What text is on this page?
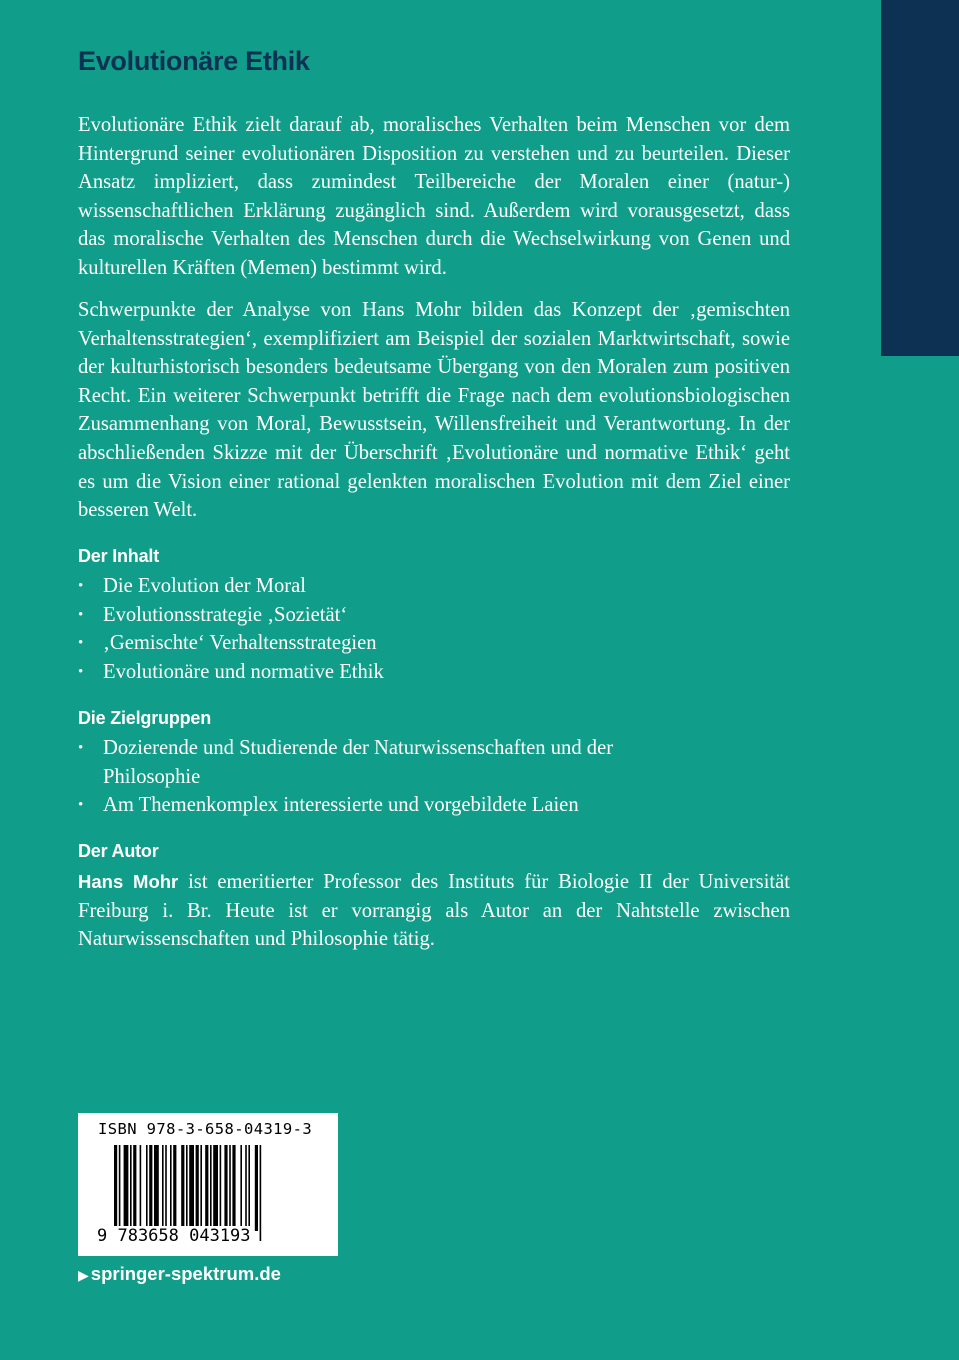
Evolutionäre Ethik

Evolutionäre Ethik zielt darauf ab, moralisches Verhalten beim Menschen vor dem Hintergrund seiner evolutionären Disposition zu verstehen und zu beurteilen. Dieser Ansatz impliziert, dass zumindest Teilbereiche der Moralen einer (natur-) wissenschaftlichen Erklärung zugänglich sind. Außerdem wird vorausgesetzt, dass das moralische Verhalten des Menschen durch die Wechselwirkung von Genen und kulturellen Kräften (Memen) bestimmt wird.

Schwerpunkte der Analyse von Hans Mohr bilden das Konzept der ‚gemischten Verhaltensstrategien‘, exemplifiziert am Beispiel der sozialen Marktwirtschaft, sowie der kulturhistorisch besonders bedeutsame Übergang von den Moralen zum positiven Recht. Ein weiterer Schwerpunkt betrifft die Frage nach dem evolutionsbiologischen Zusammenhang von Moral, Bewusstsein, Willensfreiheit und Verantwortung. In der abschließenden Skizze mit der Überschrift ‚Evolutionäre und normative Ethik‘ geht es um die Vision einer rational gelenkten moralischen Evolution mit dem Ziel einer besseren Welt.

Der Inhalt
• Die Evolution der Moral
• Evolutionsstrategie ‚Sozietät‘
• ‚Gemischte‘ Verhaltensstrategien
• Evolutionäre und normative Ethik
Die Zielgruppen
• Dozierende und Studierende der Naturwissenschaften und der Philosophie
• Am Themenkomplex interessierte und vorgebildete Laien
Der Autor

Hans Mohr ist emeritierter Professor des Instituts für Biologie II der Universität Freiburg i. Br. Heute ist er vorrangig als Autor an der Nahtstelle zwischen Naturwissenschaften und Philosophie tätig.

ISBN 978-3-658-04319-3
9 783658 043193
▶ springer-spektrum.de
